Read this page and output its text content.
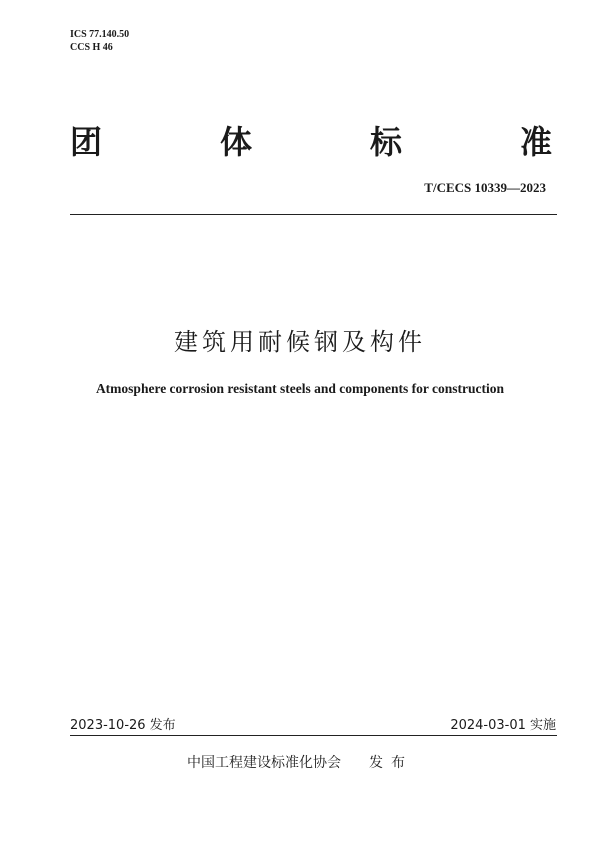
ICS 77.140.50
CCS H 46
团	体	标	准
T/CECS 10339—2023
建筑用耐候钢及构件
Atmosphere corrosion resistant steels and components for construction
2023-10-26 发布	2024-03-01 实施
中国工程建设标准化协会 发布
